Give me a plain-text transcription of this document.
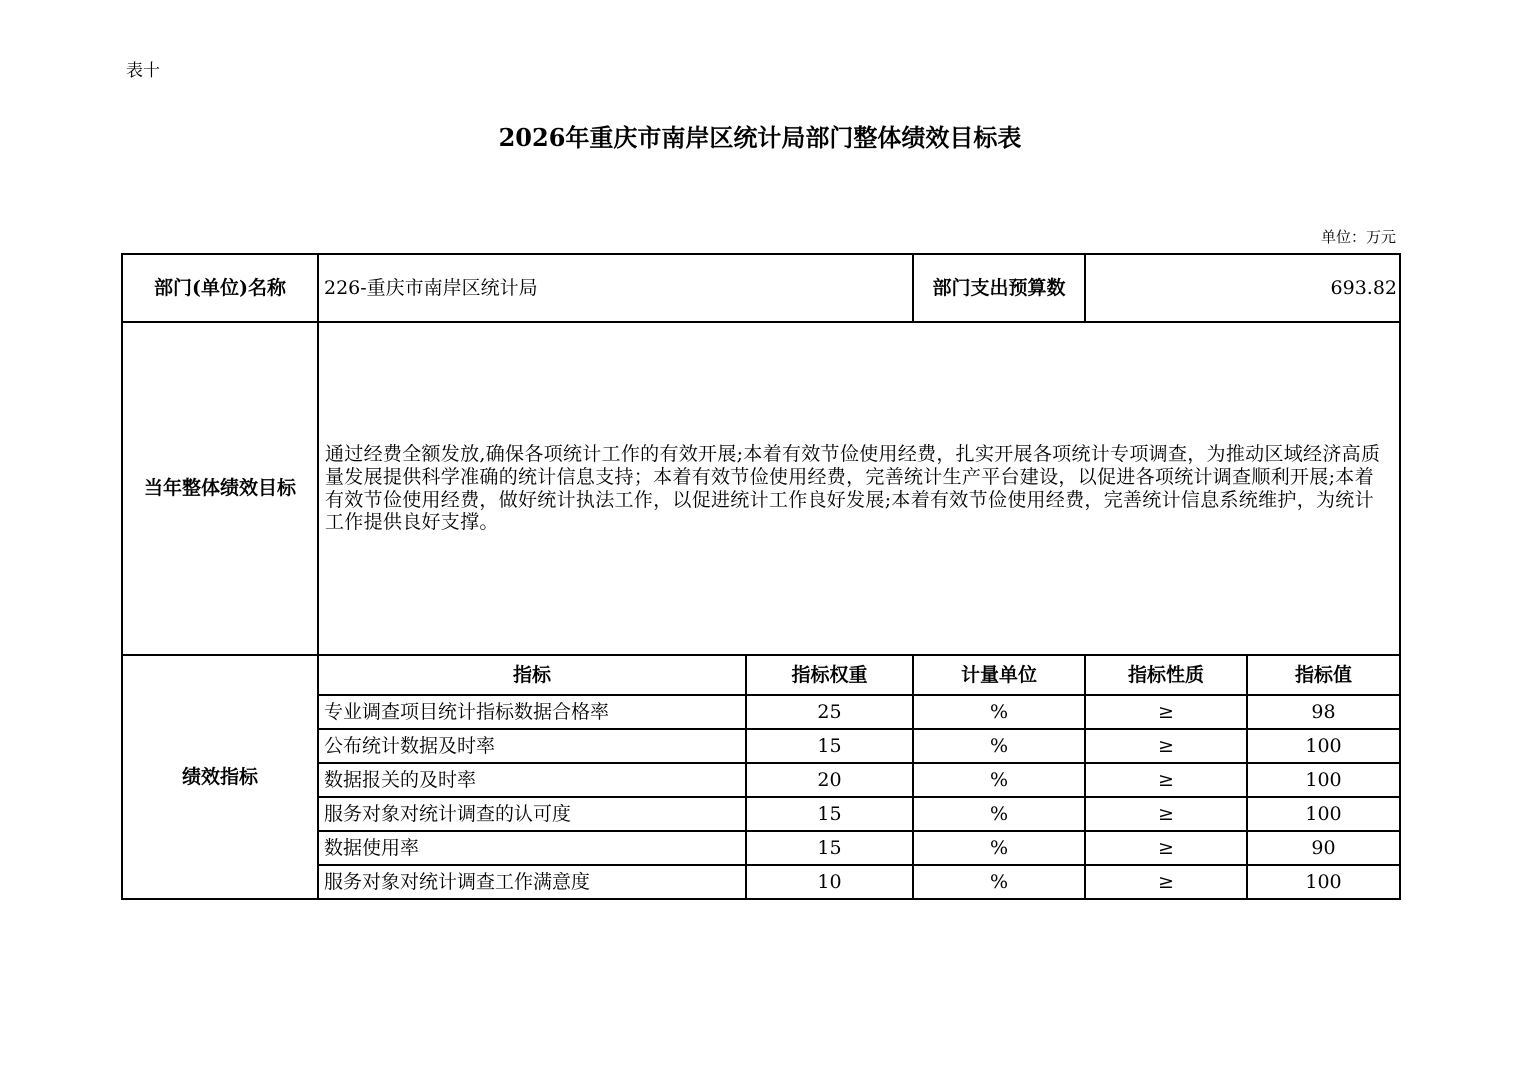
表十
2026年重庆市南岸区统计局部门整体绩效目标表
单位：万元
部门(单位)名称	226-重庆市南岸区统计局		部门支出预算数	693.82	
当年整体绩效目标	通过经费全额发放,确保各项统计工作的有效开展;本着有效节俭使用经费，扎实开展各项统计专项调查，为推动区域经济高质量发展提供科学准确的统计信息支持；本着有效节俭使用经费，完善统计生产平台建设，以促进各项统计调查顺利开展;本着有效节俭使用经费，做好统计执法工作，以促进统计工作良好发展;本着有效节俭使用经费，完善统计信息系统维护，为统计工作提供良好支撑。				
绩效指标	指标	指标权重	计量单位	指标性质	指标值
	专业调查项目统计指标数据合格率	25	%	≥	98
	公布统计数据及时率	15	%	≥	100
	数据报关的及时率	20	%	≥	100
	服务对象对统计调查的认可度	15	%	≥	100
	数据使用率	15	%	≥	90
	服务对象对统计调查工作满意度	10	%	≥	100
